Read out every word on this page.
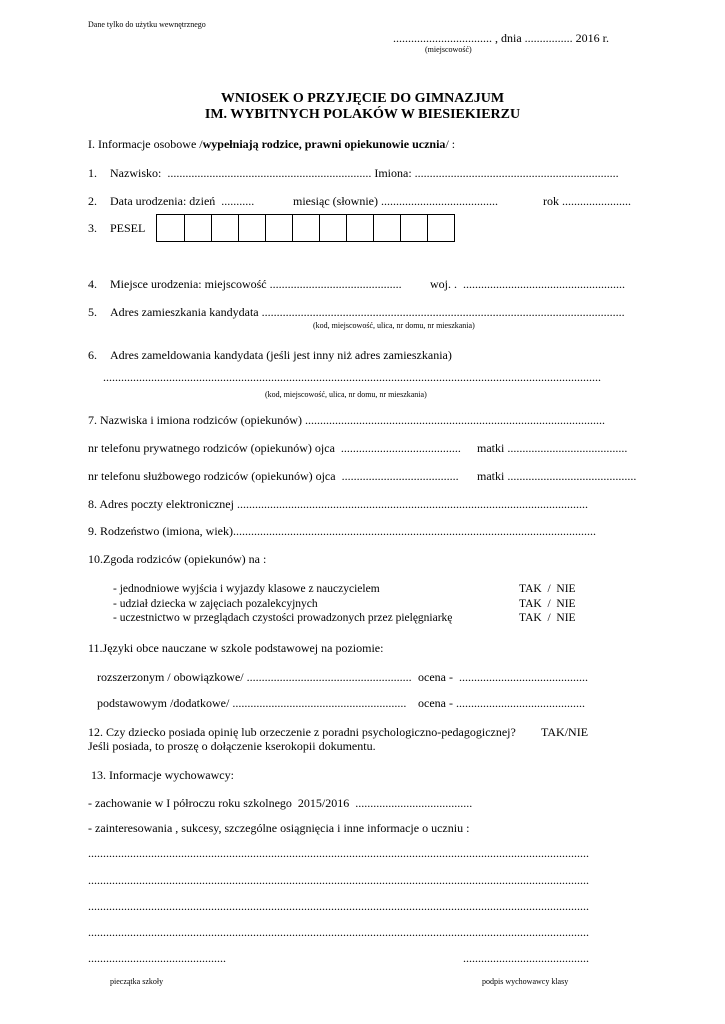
Dane tylko do użytku wewnętrznego
................................. , dnia ................ 2016 r.
(miejscowość)
WNIOSEK O PRZYJĘCIE DO GIMNAZJUM
IM. WYBITNYCH POLAKÓW W BIESIEKIERZU
I. Informacje osobowe /wypełniają rodzice, prawni opiekunowie ucznia/ :
1. Nazwisko:  .................................................................... Imiona: ....................................................................
2. Data urodzenia: dzień  ...........	miesiąc (słownie) .......................................	rok .......................
3. PESEL
4. Miejsce urodzenia: miejscowość ............................................ woj. .  ......................................................
5. Adres zamieszkania kandydata .........................................................................................................................
(kod, miejscowość, ulica, nr domu, nr mieszkania)
6. Adres zameldowania kandydata (jeśli jest inny niż adres zamieszkania)
......................................................................................................................................................................
(kod, miejscowość, ulica, nr domu, nr mieszkania)
7. Nazwiska i imiona rodziców (opiekunów) ....................................................................................................
nr telefonu prywatnego rodziców (opiekunów) ojca  ........................................ matki ........................................
nr telefonu służbowego rodziców (opiekunów) ojca  ....................................... matki ...........................................
8. Adres poczty elektronicznej .....................................................................................................................
9. Rodzeństwo (imiona, wiek).........................................................................................................................
10.Zgoda rodziców (opiekunów) na :
- jednodniowe wyjścia i wyjazdy klasowe z nauczycielem	TAK  /  NIE
- udział dziecka w zajęciach pozalekcyjnych	TAK  /  NIE
- uczestnictwo w przeglądach czystości prowadzonych przez pielęgniarkę	TAK  /  NIE
11.Języki obce nauczane w szkole podstawowej na poziomie:
rozszerzonym / obowiązkowe/ ....................................................... ocena -  ...........................................
podstawowym /dodatkowe/ .......................................................... ocena - ...........................................
12. Czy dziecko posiada opinię lub orzeczenie z poradni psychologiczno-pedagogicznej? TAK/NIE
Jeśli posiada, to proszę o dołączenie kserokopii dokumentu.
13. Informacje wychowawcy:
- zachowanie w I półroczu roku szkolnego  2015/2016  .......................................
- zainteresowania , sukcesy, szczególne osiągnięcia i inne informacje o uczniu :
.......................................................................................................................................................................
.......................................................................................................................................................................
.......................................................................................................................................................................
.......................................................................................................................................................................
..............................................	..........................................
pieczątka szkoły	podpis wychowawcy klasy
